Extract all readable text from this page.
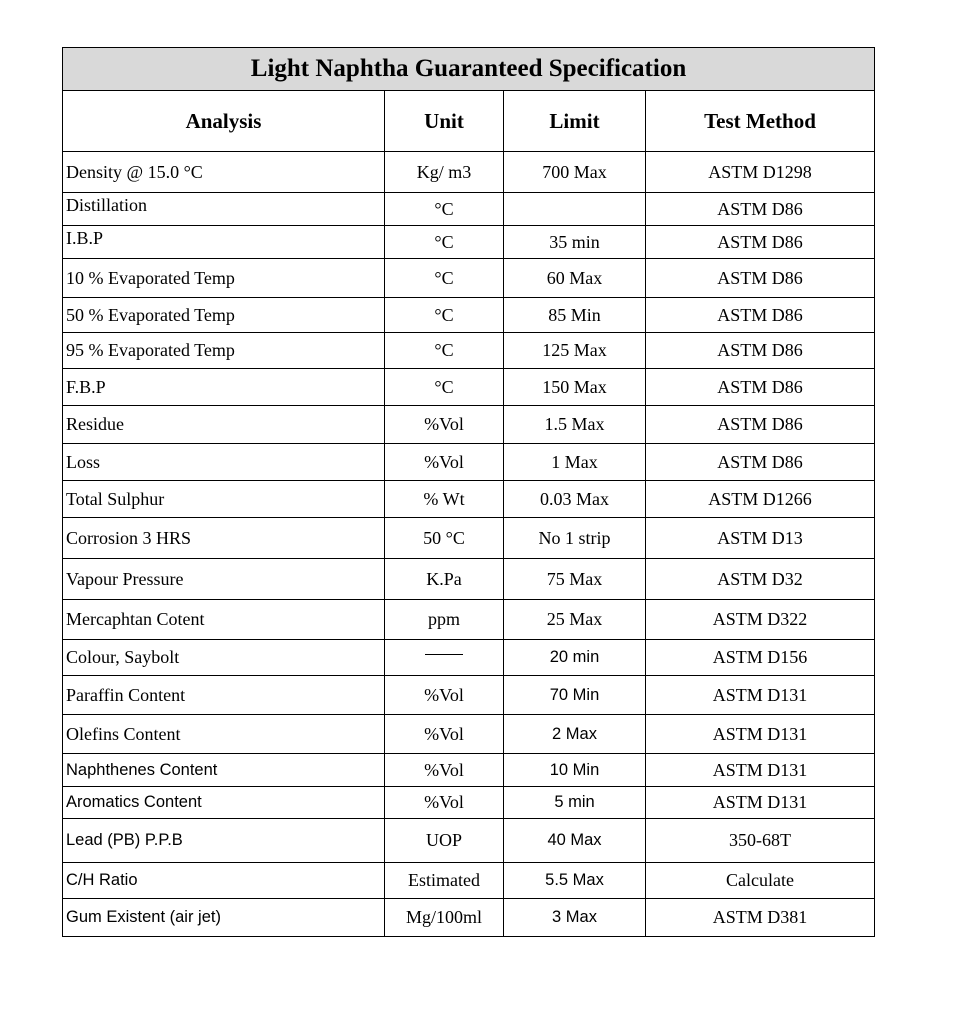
Light Naphtha Guaranteed Specification			
Analysis	Unit	Limit	Test Method
Density @ 15.0 °C	Kg/ m3	700 Max	ASTM D1298
Distillation	°C		ASTM D86
I.B.P	°C	35 min	ASTM D86
10 % Evaporated Temp	°C	60 Max	ASTM D86
50 % Evaporated Temp	°C	85 Min	ASTM D86
95 % Evaporated Temp	°C	125 Max	ASTM D86
F.B.P	°C	150 Max	ASTM D86
Residue	%Vol	1.5 Max	ASTM D86
Loss	%Vol	1 Max	ASTM D86
Total Sulphur	% Wt	0.03 Max	ASTM D1266
Corrosion 3 HRS	50 °C	No 1 strip	ASTM D13
Vapour Pressure	K.Pa	75 Max	ASTM D32
Mercaphtan Cotent	ppm	25 Max	ASTM D322
Colour, Saybolt		20 min	ASTM D156
Paraffin Content	%Vol	70 Min	ASTM D131
Olefins Content	%Vol	2 Max	ASTM D131
Naphthenes Content	%Vol	10 Min	ASTM D131
Aromatics Content	%Vol	5 min	ASTM D131
Lead (PB) P.P.B	UOP	40 Max	350-68T
C/H Ratio	Estimated	5.5 Max	Calculate
Gum Existent (air jet)	Mg/100ml	3 Max	ASTM D381
